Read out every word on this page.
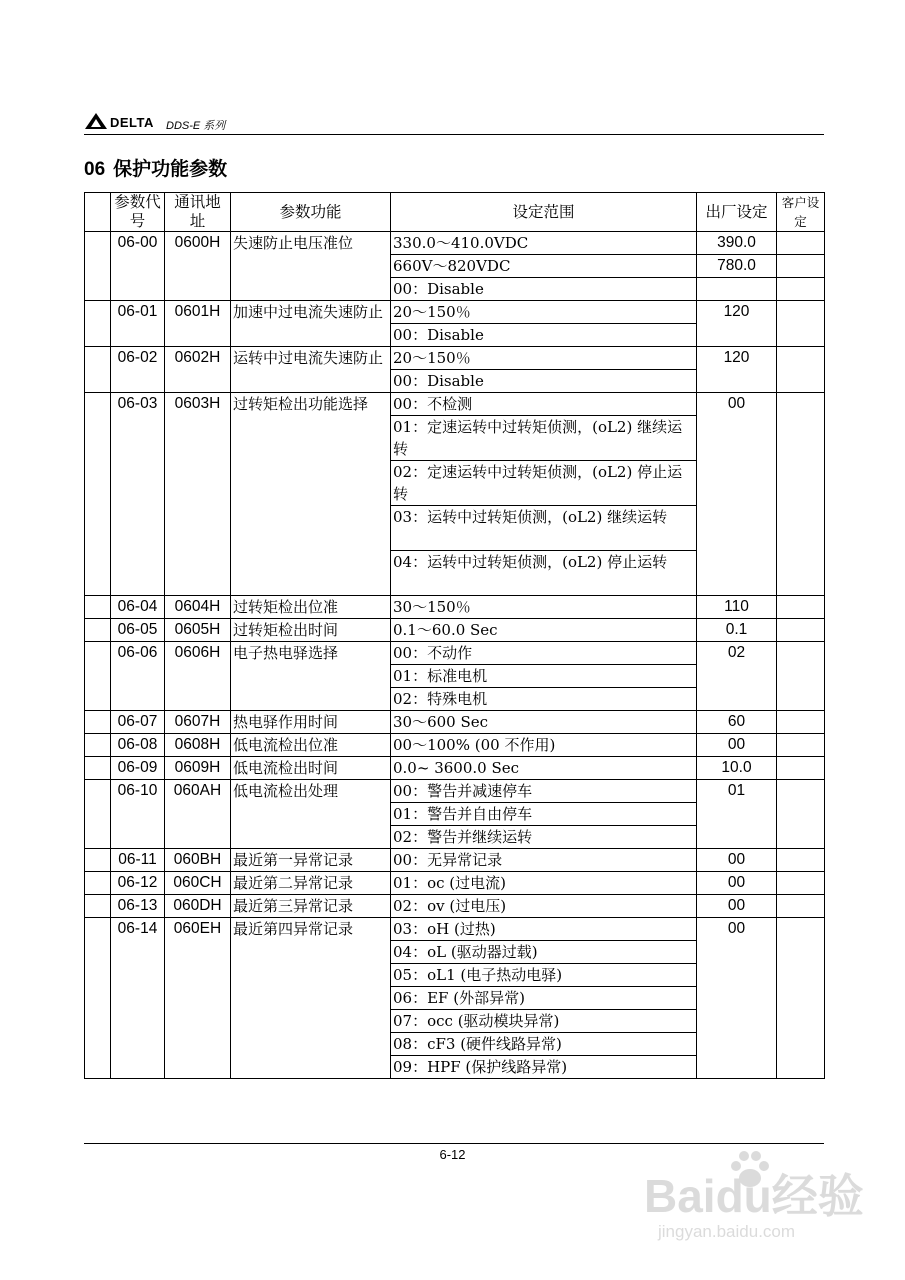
DELTA DDS-E 系列
06 保护功能参数
	参数代号	通讯地址	参数功能	设定范围	出厂设定	客户设定
	06-00	0600H	失速防止电压准位	330.0～410.0VDC	390.0	
				660V～820VDC	780.0	
				00：Disable		
	06-01	0601H	加速中过电流失速防止	20～150％	120	
				00：Disable		
	06-02	0602H	运转中过电流失速防止	20～150％	120	
				00：Disable		
	06-03	0603H	过转矩检出功能选择	00：不检测	00	
				01：定速运转中过转矩侦测，(oL2) 继续运转		
				02：定速运转中过转矩侦测，(oL2) 停止运转		
				03：运转中过转矩侦测，(oL2) 继续运转		
				04：运转中过转矩侦测，(oL2) 停止运转		
	06-04	0604H	过转矩检出位准	30～150％	110	
	06-05	0605H	过转矩检出时间	0.1～60.0 Sec	0.1	
	06-06	0606H	电子热电驿选择	00：不动作	02	
				01：标准电机		
				02：特殊电机		
	06-07	0607H	热电驿作用时间	30～600 Sec	60	
	06-08	0608H	低电流检出位准	00～100% (00 不作用)	00	
	06-09	0609H	低电流检出时间	0.0~ 3600.0 Sec	10.0	
	06-10	060AH	低电流检出处理	00：警告并减速停车	01	
				01：警告并自由停车		
				02：警告并继续运转		
	06-11	060BH	最近第一异常记录	00：无异常记录	00	
	06-12	060CH	最近第二异常记录	01：oc (过电流)	00	
	06-13	060DH	最近第三异常记录	02：ov (过电压)	00	
	06-14	060EH	最近第四异常记录	03：oH (过热)	00	
				04：oL (驱动器过载)		
				05：oL1 (电子热动电驿)		
				06：EF (外部异常)		
				07：occ (驱动模块异常)		
				08：cF3 (硬件线路异常)		
				09：HPF (保护线路异常)		
6-12
Baidu经验
jingyan.baidu.com
